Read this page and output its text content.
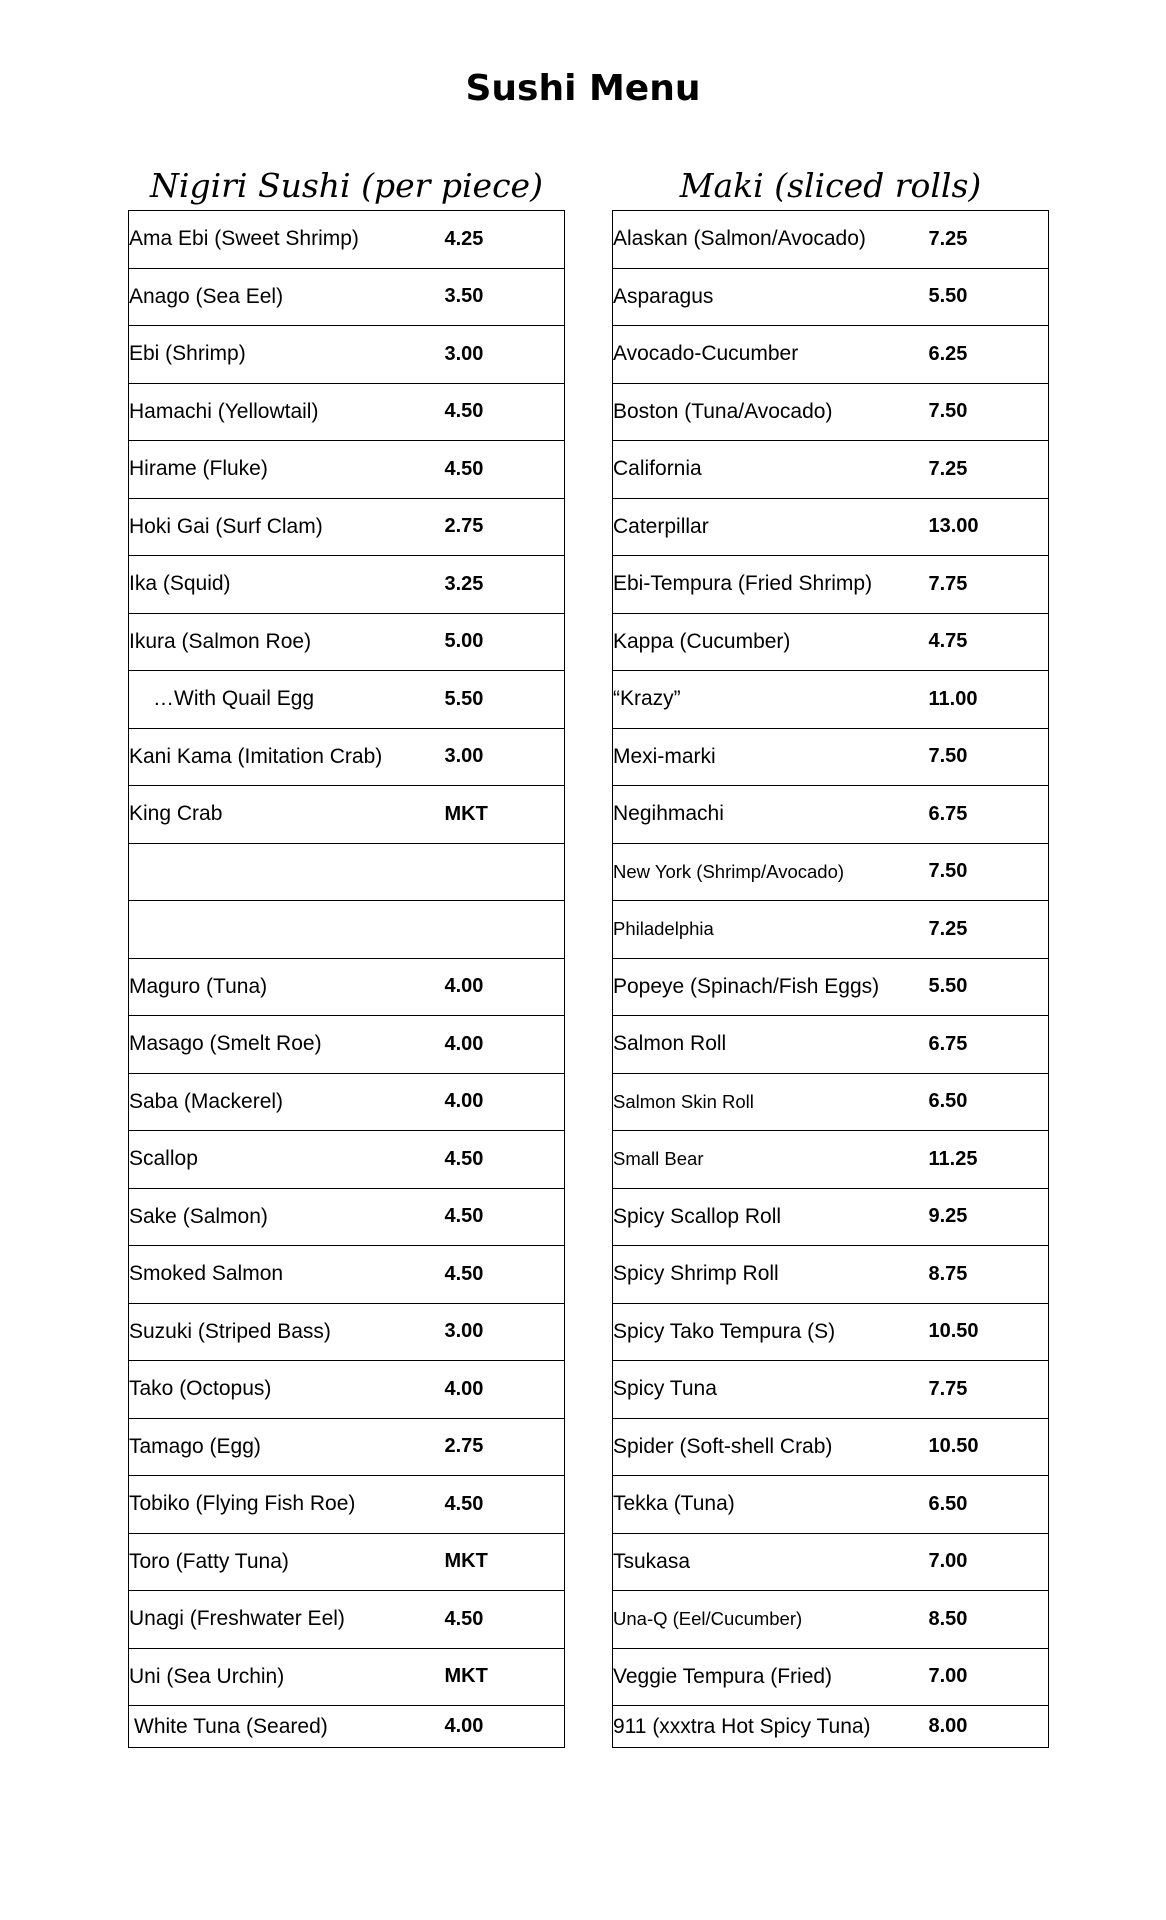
Sushi Menu
Nigiri Sushi (per piece)	Maki (sliced rolls)
Ama Ebi (Sweet Shrimp)	4.25
Anago (Sea Eel)	3.50
Ebi (Shrimp)	3.00
Hamachi (Yellowtail)	4.50
Hirame (Fluke)	4.50
Hoki Gai (Surf Clam)	2.75
Ika (Squid)	3.25
Ikura (Salmon Roe)	5.00
…With Quail Egg	5.50
Kani Kama (Imitation Crab)	3.00
King Crab	MKT

Maguro (Tuna)	4.00
Masago (Smelt Roe)	4.00
Saba (Mackerel)	4.00
Scallop	4.50
Sake (Salmon)	4.50
Smoked Salmon	4.50
Suzuki (Striped Bass)	3.00
Tako (Octopus)	4.00
Tamago (Egg)	2.75
Tobiko (Flying Fish Roe)	4.50
Toro (Fatty Tuna)	MKT
Unagi (Freshwater Eel)	4.50
Uni (Sea Urchin)	MKT
White Tuna (Seared)	4.00
Alaskan (Salmon/Avocado)	7.25
Asparagus	5.50
Avocado-Cucumber	6.25
Boston (Tuna/Avocado)	7.50
California	7.25
Caterpillar	13.00
Ebi-Tempura (Fried Shrimp)	7.75
Kappa (Cucumber)	4.75
“Krazy”	11.00
Mexi-marki	7.50
Negihmachi	6.75
New York (Shrimp/Avocado)	7.50
Philadelphia	7.25
Popeye (Spinach/Fish Eggs)	5.50
Salmon Roll	6.75
Salmon Skin Roll	6.50
Small Bear	11.25
Spicy Scallop Roll	9.25
Spicy Shrimp Roll	8.75
Spicy Tako Tempura (S)	10.50
Spicy Tuna	7.75
Spider (Soft-shell Crab)	10.50
Tekka (Tuna)	6.50
Tsukasa	7.00
Una-Q (Eel/Cucumber)	8.50
Veggie Tempura (Fried)	7.00
911 (xxxtra Hot Spicy Tuna)	8.00
